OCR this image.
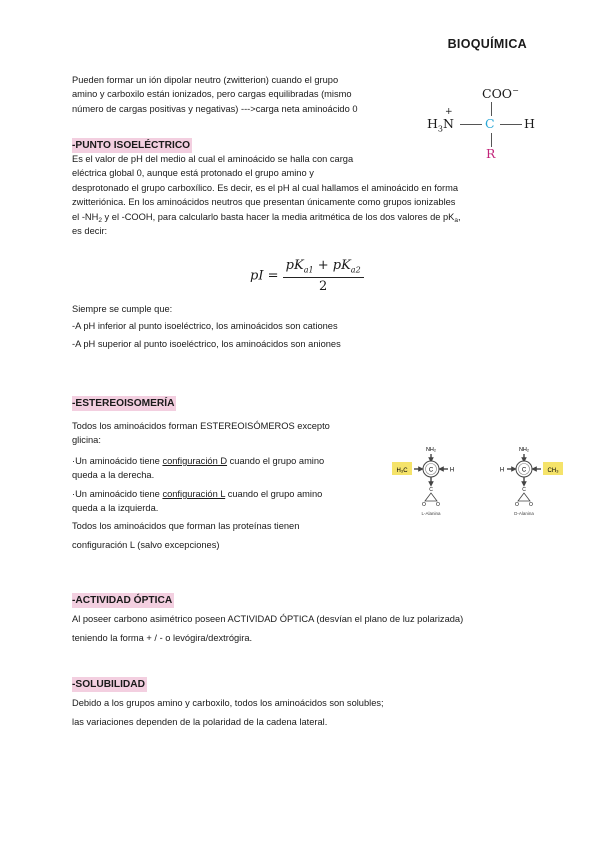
BIOQUÍMICA

Pueden formar un ión dipolar neutro (zwitterion) cuando el grupo

amino y carboxilo están ionizados, pero cargas equilibradas (mismo

número de cargas positivas y negativas) --->carga neta aminoácido 0

COO−
$H_3N$
+
C H
R
-PUNTO ISOELÉCTRICO

Es el valor de pH del medio al cual el aminoácido se halla con carga

eléctrica global 0, aunque está protonado el grupo amino y

desprotonado el grupo carboxílico. Es decir, es el pH al cual hallamos el aminoácido en forma

zwitteriónica. En los aminoácidos neutros que presentan únicamente como grupos ionizables

el $-NH_2$ y el -COOH, para calcularlo basta hacer la media aritmética de los dos valores de $pK_a$,

es decir:

pI = $\frac{pK_{a1} + pK_{a2}}{2}$

Siempre se cumple que:

-A pH inferior al punto isoeléctrico, los aminoácidos son cationes

-A pH superior al punto isoeléctrico, los aminoácidos son aniones

-ESTEREOISOMERÍA

Todos los aminoácidos forman ESTEREOISÓMEROS excepto

glicina:

·Un aminoácido tiene configuración D cuando el grupo amino

queda a la derecha.

·Un aminoácido tiene configuración L cuando el grupo amino

queda a la izquierda.

Todos los aminoácidos que forman las proteínas tienen

configuración L (salvo excepciones)

H₃C
NH₂
C	H
C
O O
L-Alanina
NH₂
H	C	CH₃
C
O O
D-Alanina
-ACTIVIDAD ÓPTICA

Al poseer carbono asimétrico poseen ACTIVIDAD ÓPTICA (desvían el plano de luz polarizada)

teniendo la forma + / - o levógira/dextrógira.

-SOLUBILIDAD

Debido a los grupos amino y carboxilo, todos los aminoácidos son solubles;

las variaciones dependen de la polaridad de la cadena lateral.
